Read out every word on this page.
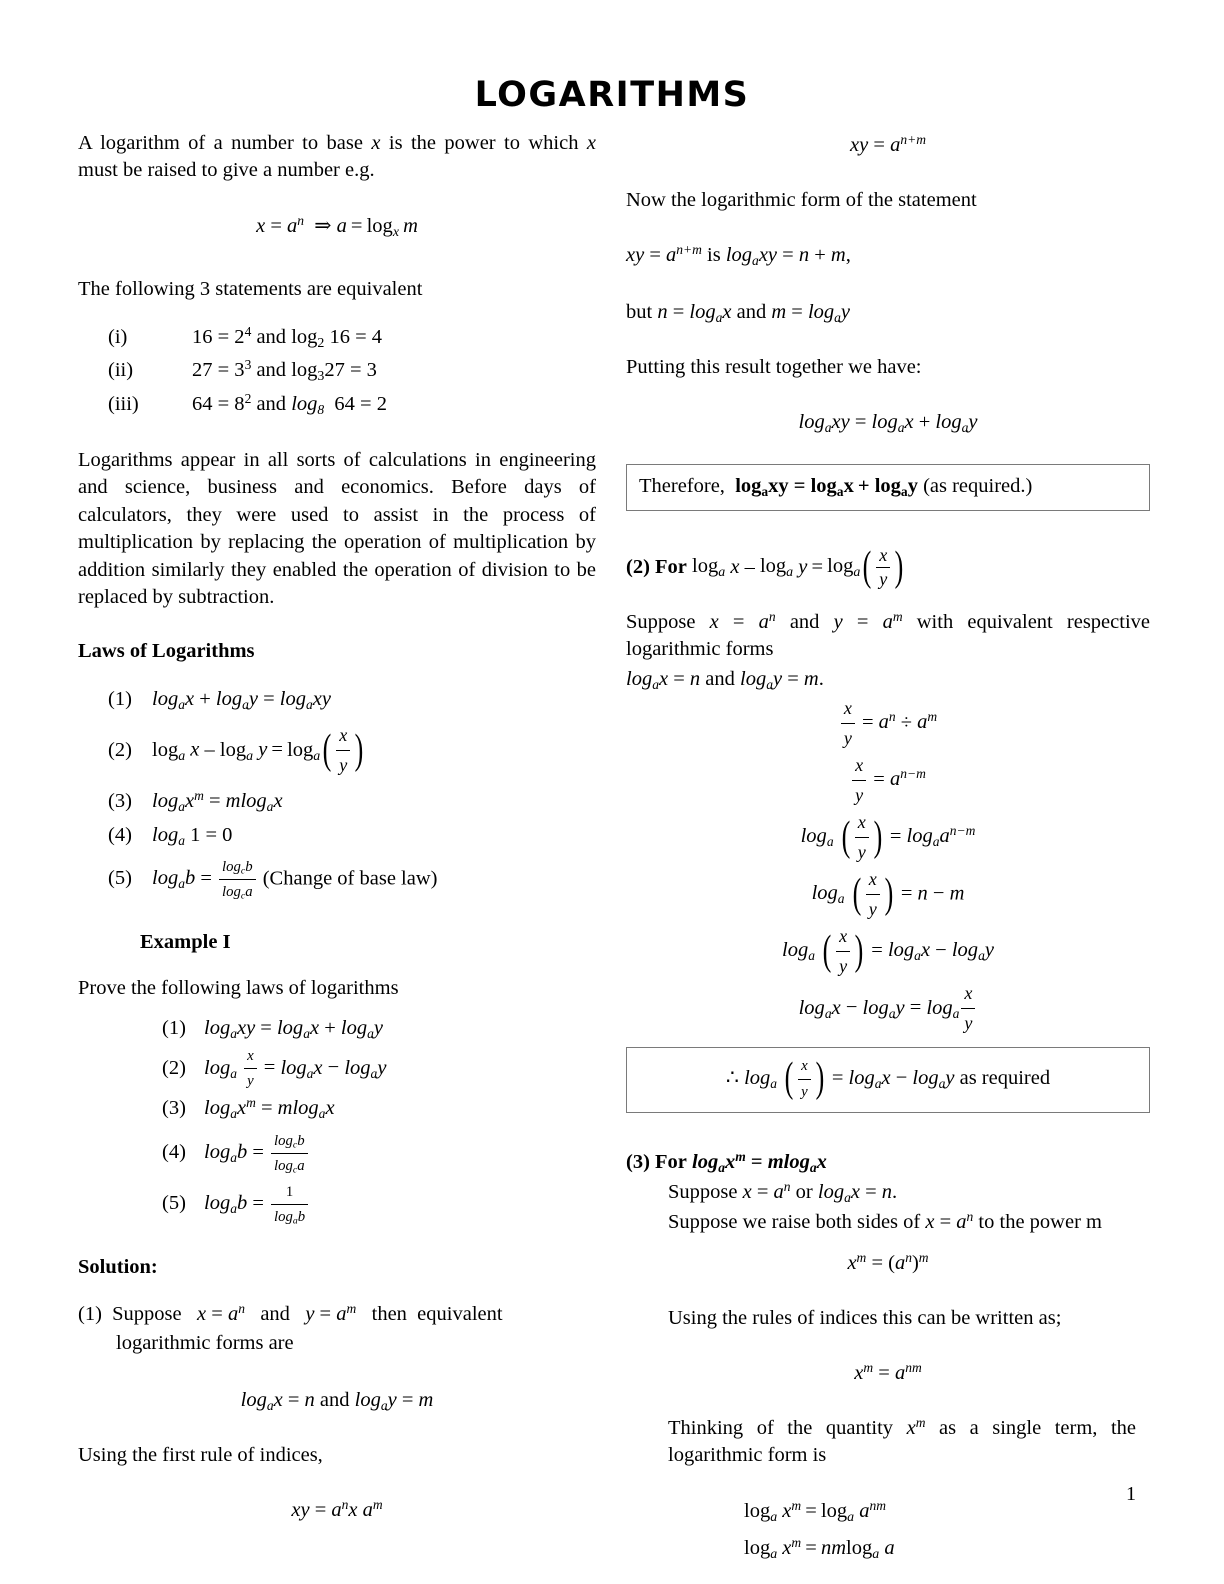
LOGARITHMS

A logarithm of a number to base x is the power to which x must be raised to give a number e.g.

$x = a^n$  ⇒ $a = \log_x m$

The following 3 statements are equivalent

(i)	$16 = 2^4$ and $\log_2 16 = 4$
(ii)	$27 = 3^3$ and $\log_327 = 3$
(iii)	$64 = 8^2$ and $\log_8 64 = 2$

Logarithms appear in all sorts of calculations in engineering and science, business and economics. Before days of calculators, they were used to assist in the process of multiplication by replacing the operation of multiplication by addition similarly they enabled the operation of division to be replaced by subtraction.

Laws of Logarithms

(1) $\log_ax + \log_ay = \log_axy$
(2) $\log_a x - \log_a y = \log_a( \frac{x}{y}$ )
(3) $\log_ax^m = mlog_ax$
(4) $\log_a 1 = 0$
(5) $\log_ab = \frac{\log_cb}{\log_ca}$ (Change of base law)

Example I

Prove the following laws of logarithms

(1) $\log_axy = \log_ax + \log_ay$
(2) $\log_a \frac{x}{y} = \log_ax - \log_ay$
(3) $\log_ax^m = mlog_ax$
(4) $\log_ab = \frac{\log_cb}{\log_ca}$
(5) $\log_ab = \frac{1}{\log_ab}$

Solution:

(1)  Suppose   $x = a^n$   and   $y = a^m$   then  equivalent
logarithmic forms are
$\log_ax = n$ and $\log_ay = m$

Using the first rule of indices,

xy = $a^nx$ $a^m$
xy = $a^{n+m}$

Now the logarithmic form of the statement

xy = $a^{n+m}$ is $\log_axy = n + m$,
but $n = \log_ax$ and $m = \log_ay$

Putting this result together we have:

$\log_axy = \log_ax + \log_ay$
Therefore, $\log_axy = \log_ax + \log_ay$ (as required.)
(2) For $\log_a x - \log_a y = \log_a( \frac{x}{y}$ )

Suppose $x = a^n$ and $y = a^m$ with equivalent respective logarithmic forms

$\log_ax = n$ and $\log_ay = m$.
$\frac{x}{y} = a^n \div a^m$
$\frac{x}{y} = a^{n-m}$
$\log_a$ ( $\frac{x}{y}$ ) = $\log_aa^{n-m}$
$\log_a$ ( $\frac{x}{y}$ ) = n − m
$\log_a$ ( $\frac{x}{y}$ ) = $\log_ax - \log_ay$
$\log_ax - \log_ay = \log_a \frac{x}{y}$
∴ $\log_a$ ( $\frac{x}{y}$ ) = $\log_ax - \log_ay$ as required
(3) For $\log_ax^m = mlog_ax$
Suppose $x = a^n$ or $\log_ax = n$.
Suppose we raise both sides of $x = a^n$ to the power m
$x^m = (a^n)^m$

Using the rules of indices this can be written as;

$x^m = a^{nm}$

Thinking of the quantity $x^m$ as a single term, the logarithmic form is

$\log_a x^m = \log_a a^{nm}$
$\log_a x^m = nmlog_a$ a
1
